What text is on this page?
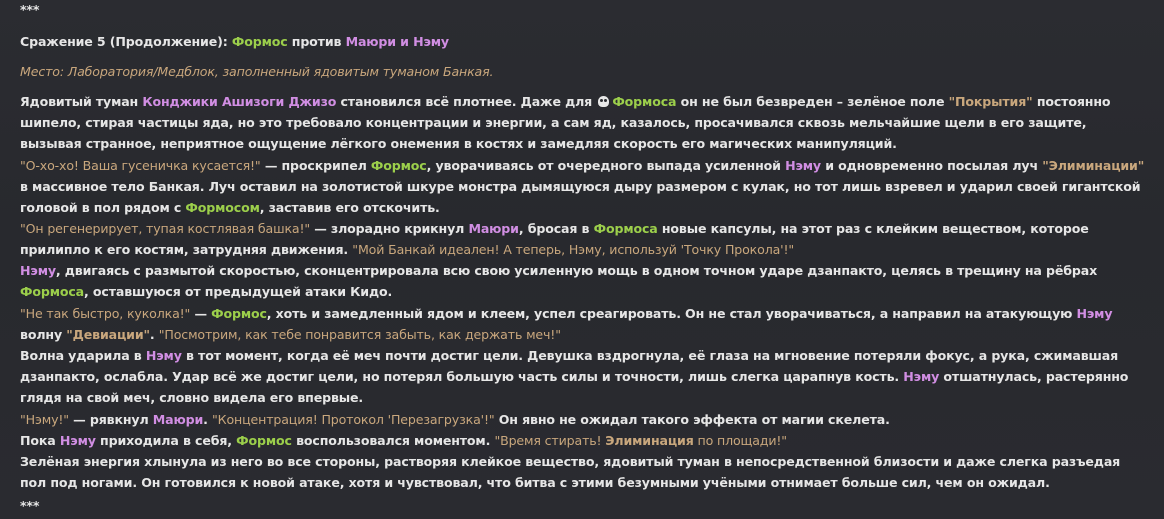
***
Сражение 5 (Продолжение): Формос против Маюри и Нэму
Место: Лаборатория/Медблок, заполненный ядовитым туманом Банкая.

Ядовитый туман Конджики Ашизоги Джизо становился всё плотнее. Даже для Формоса он не был безвреден – зелёное поле "Покрытия" постоянно шипело, стирая частицы яда, но это требовало концентрации и энергии, а сам яд, казалось, просачивался сквозь мельчайшие щели в его защите, вызывая странное, неприятное ощущение лёгкого онемения в костях и замедляя скорость его магических манипуляций.

"О-хо-хо! Ваша гусеничка кусается!" — проскрипел Формос, уворачиваясь от очередного выпада усиленной Нэму и одновременно посылая луч "Элиминации" в массивное тело Банкая. Луч оставил на золотистой шкуре монстра дымящуюся дыру размером с кулак, но тот лишь взревел и ударил своей гигантской головой в пол рядом с Формосом, заставив его отскочить.

"Он регенерирует, тупая костлявая башка!" — злорадно крикнул Маюри, бросая в Формоса новые капсулы, на этот раз с клейким веществом, которое прилипло к его костям, затрудняя движения. "Мой Банкай идеален! А теперь, Нэму, используй 'Точку Прокола'!"

Нэму, двигаясь с размытой скоростью, сконцентрировала всю свою усиленную мощь в одном точном ударе дзанпакто, целясь в трещину на рёбрах Формоса, оставшуюся от предыдущей атаки Кидо.

"Не так быстро, куколка!" — Формос, хоть и замедленный ядом и клеем, успел среагировать. Он не стал уворачиваться, а направил на атакующую Нэму волну "Девиации". "Посмотрим, как тебе понравится забыть, как держать меч!"

Волна ударила в Нэму в тот момент, когда её меч почти достиг цели. Девушка вздрогнула, её глаза на мгновение потеряли фокус, а рука, сжимавшая дзанпакто, ослабла. Удар всё же достиг цели, но потерял большую часть силы и точности, лишь слегка царапнув кость. Нэму отшатнулась, растерянно глядя на свой меч, словно видела его впервые.

"Нэму!" — рявкнул Маюри. "Концентрация! Протокол 'Перезагрузка'!" Он явно не ожидал такого эффекта от магии скелета.

Пока Нэму приходила в себя, Формос воспользовался моментом. "Время стирать! Элиминация по площади!"

Зелёная энергия хлынула из него во все стороны, растворяя клейкое вещество, ядовитый туман в непосредственной близости и даже слегка разъедая пол под ногами. Он готовился к новой атаке, хотя и чувствовал, что битва с этими безумными учёными отнимает больше сил, чем он ожидал.

***
